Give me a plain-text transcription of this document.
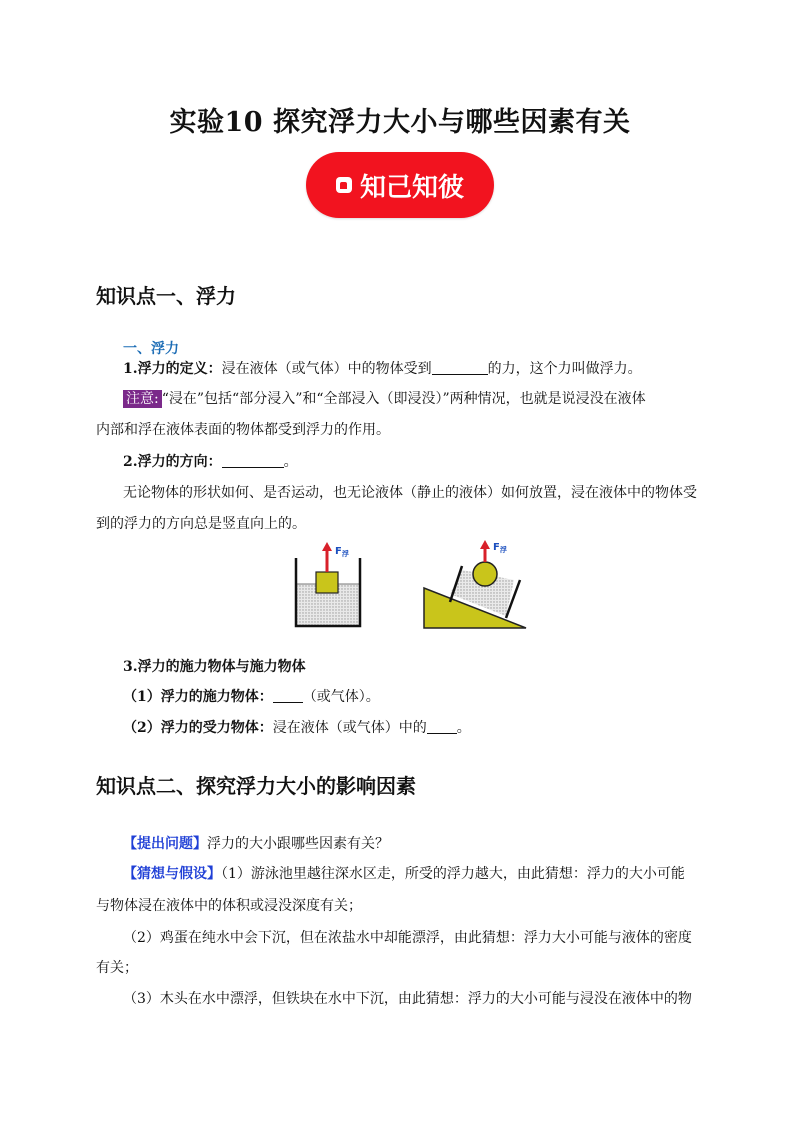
实验10 探究浮力大小与哪些因素有关
知己知彼
知识点一、浮力
一、浮力
1.浮力的定义：浸在液体（或气体）中的物体受到	的力，这个力叫做浮力。
注意: “浸在”包括“部分浸入”和“全部浸入（即浸没）”两种情况，也就是说浸没在液体
内部和浮在液体表面的物体都受到浮力的作用。
2.浮力的方向：	。
无论物体的形状如何、是否运动，也无论液体（静止的液体）如何放置，浸在液体中的物体受
到的浮力的方向总是竖直向上的。
$F_浮$
$F_浮$
3.浮力的施力物体与施力物体
（1）浮力的施力物体： （或气体）。
（2）浮力的受力物体：浸在液体（或气体）中的 。
知识点二、探究浮力大小的影响因素
【提出问题】浮力的大小跟哪些因素有关？
【猜想与假设】（1）游泳池里越往深水区走，所受的浮力越大，由此猜想：浮力的大小可能
与物体浸在液体中的体积或浸没深度有关；
（2）鸡蛋在纯水中会下沉，但在浓盐水中却能漂浮，由此猜想：浮力大小可能与液体的密度
有关；
（3）木头在水中漂浮，但铁块在水中下沉，由此猜想：浮力的大小可能与浸没在液体中的物
